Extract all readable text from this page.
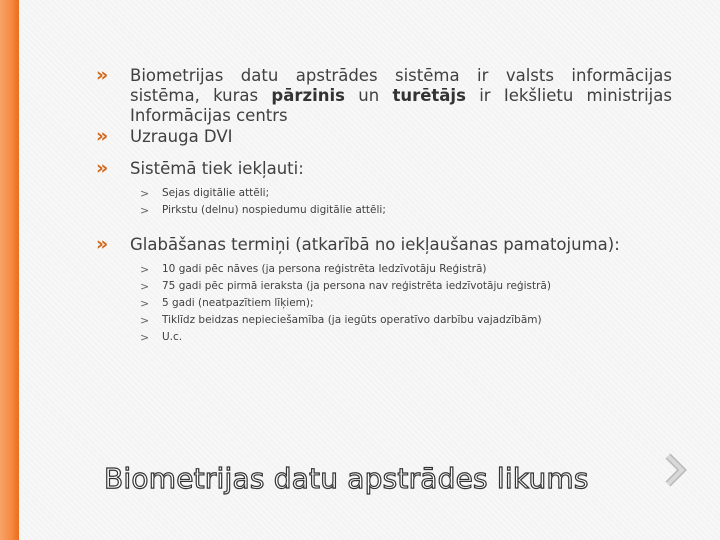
» Biometrijas datu apstrādes sistēma ir valsts informācijas sistēma, kuras pārzinis un turētājs ir Iekšlietu ministrijas Informācijas centrs
» Uzrauga DVI
» Sistēmā tiek iekļauti:
> Sejas digitālie attēli;
> Pirkstu (delnu) nospiedumu digitālie attēli;
» Glabāšanas termiņi (atkarībā no iekļaušanas pamatojuma):
> 10 gadi pēc nāves (ja persona reģistrēta Iedzīvotāju Reģistrā)
> 75 gadi pēc pirmā ieraksta (ja persona nav reģistrēta iedzīvotāju reģistrā)
> 5 gadi (neatpazītiem līķiem);
> Tiklīdz beidzas nepieciešamība (ja iegūts operatīvo darbību vajadzībām)
> U.c.
Biometrijas datu apstrādes likums
